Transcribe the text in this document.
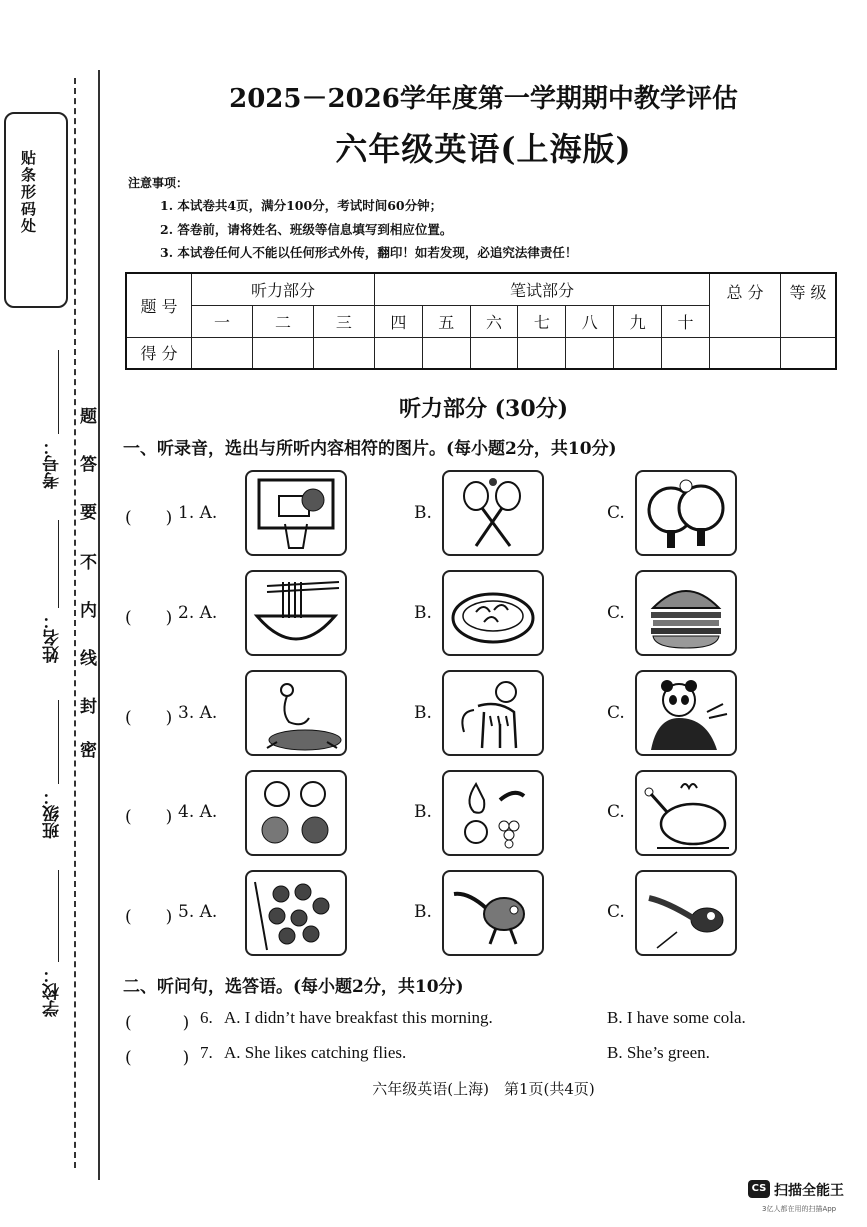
贴条形码处
题
答
要
不
内
线
封
密
考号：
姓名：
班级：
学校：
2025－2026学年度第一学期期中教学评估
六年级英语(上海版)
注意事项：
1. 本试卷共4页，满分100分，考试时间60分钟；
2. 答卷前，请将姓名、班级等信息填写到相应位置。
3. 本试卷任何人不能以任何形式外传，翻印！如若发现，必追究法律责任！
题 号	听力部分			笔试部分							总 分	等 级
	一	二	三	四	五	六	七	八	九	十		
得 分												
听力部分 (30分)
一、听录音，选出与所听内容相符的图片。(每小题2分，共10分)
(　　) 1. A.	B.	C.
(　　) 2. A.	B.	C.
(　　) 3. A.	B.	C.
(　　) 4. A.	B.	C.
(　　) 5. A.	B.	C.
二、听问句，选答语。(每小题2分，共10分)
(　　　) 6. A. I didn’t have breakfast this morning.	B. I have some cola.
(　　　) 7. A. She likes catching flies.	B. She’s green.
六年级英语(上海)　第1页(共4页)
CS 扫描全能王
3亿人都在用的扫描App
